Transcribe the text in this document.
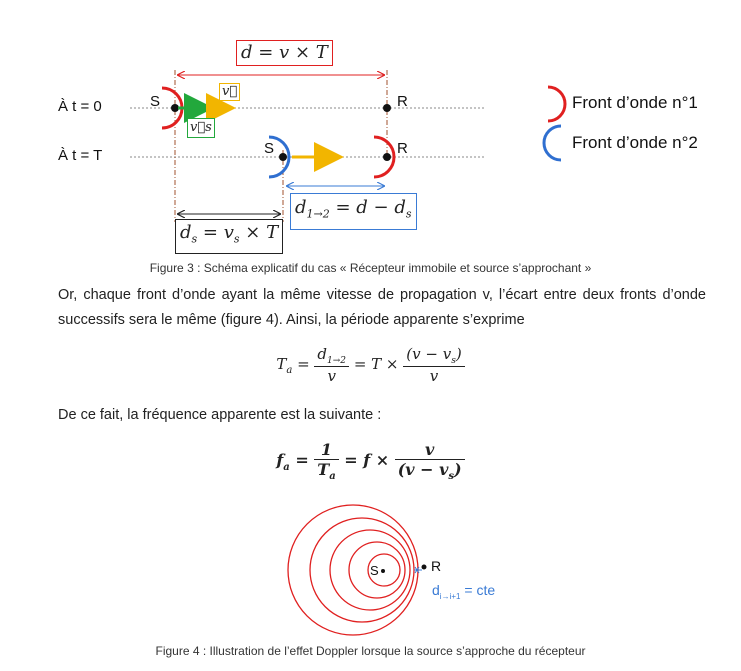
À t = 0
À t = T
S
S
R
R
d = v × T
v⃗
v⃗s
$d_{1\to 2} = d - d_s$
$d_s = v_s \times T$
Front d’onde n°1
Front d’onde n°2
Figure 3 : Schéma explicatif du cas « Récepteur immobile et source s’approchant »
Or, chaque front d’onde ayant la même vitesse de propagation v, l’écart entre deux fronts d’onde successifs sera le même (figure 4). Ainsi, la période apparente s’exprime
$T_a = \frac{d_{1\to 2}}{v} = T \times \frac{(v - v_s)}{v}$
De ce fait, la fréquence apparente est la suivante :
$f_a = \frac{1}{T_a} = f \times \frac{v}{(v - v_s)}$
S	R
$d_{i\to i+1}$ = cte
Figure 4 : Illustration de l’effet Doppler lorsque la source s’approche du récepteur
